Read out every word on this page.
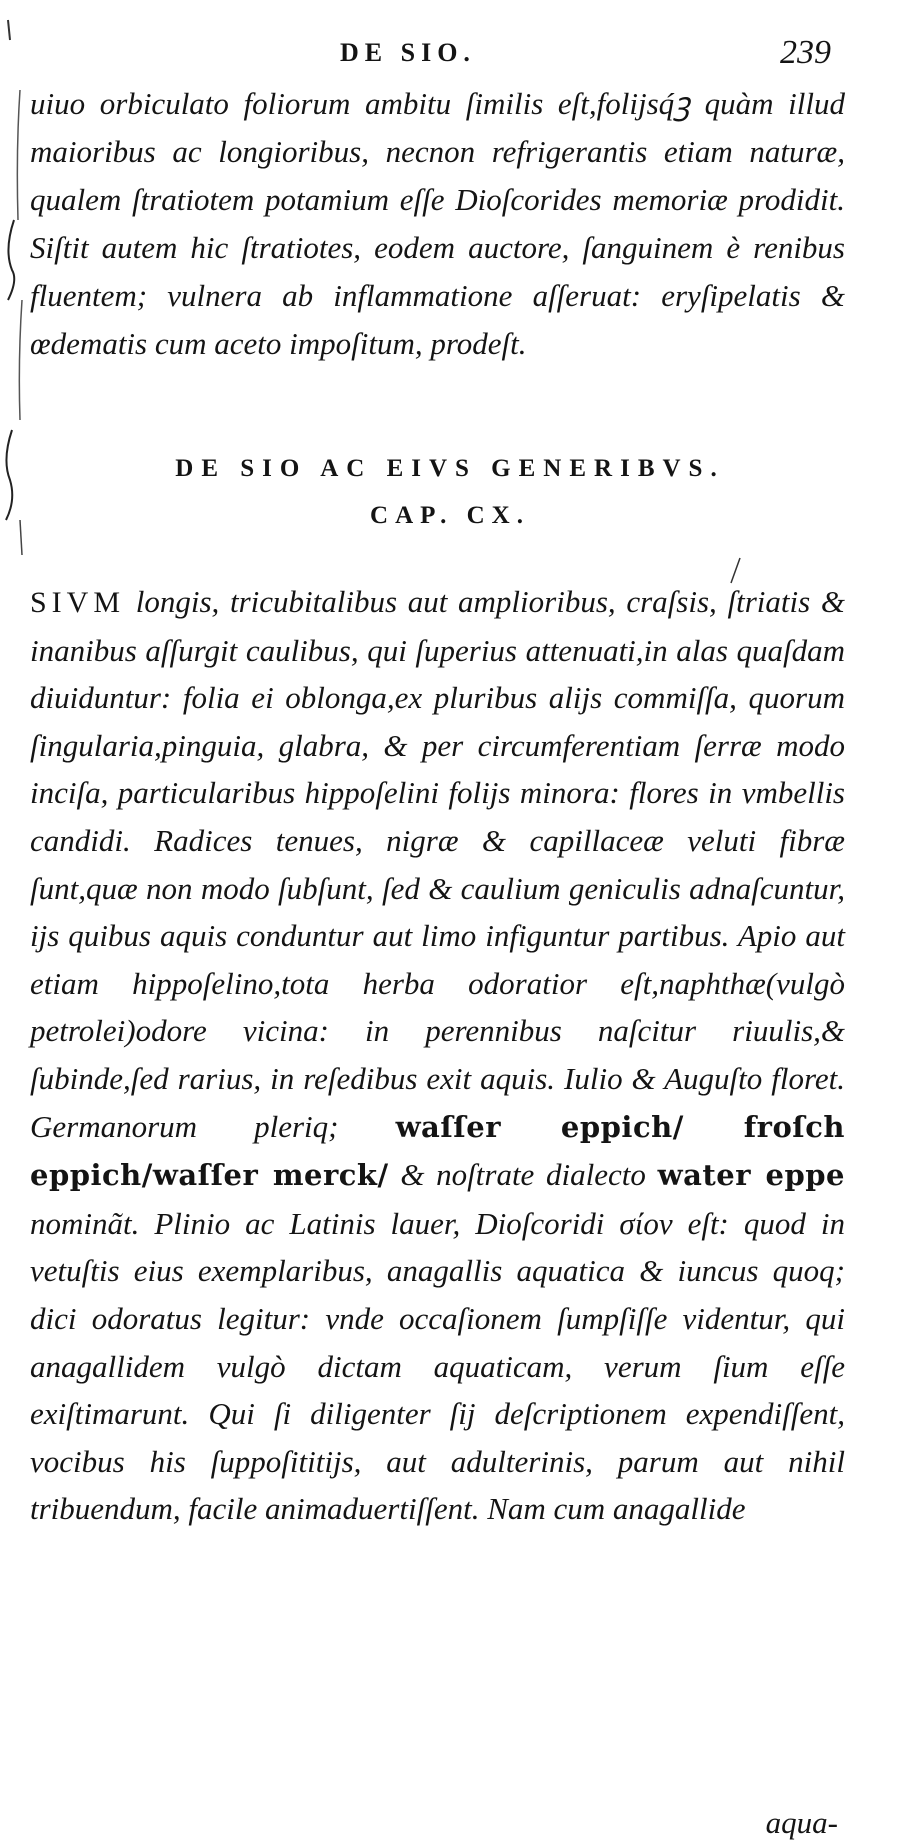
DE SIO.	239
uiuo orbiculato foliorum ambitu ſimilis eſt,folijsq́ꝫ quàm illud maioribus ac longioribus, necnon refrigerantis etiam naturæ, qualem ſtratiotem potamium eſſe Dioſcorides memoriæ prodidit. Siſtit autem hic ſtratiotes, eodem auctore, ſanguinem è renibus fluentem; vulnera ab inflammatione aſſeruat: eryſipelatis & œdematis cum aceto impoſitum, prodeſt.
DE SIO AC EIVS GENERIBVS.
CAP. CX.
SIVM longis, tricubitalibus aut amplioribus, craſsis, ſtriatis & inanibus aſſurgit caulibus, qui ſuperius attenuati,in alas quaſdam diuiduntur: folia ei oblonga,ex pluribus alijs commiſſa, quorum ſingularia,pinguia, glabra, & per circumferentiam ſerræ modo inciſa, particularibus hippoſelini folijs minora: flores in vmbellis candidi. Radices tenues, nigræ & capillaceæ veluti fibræ ſunt,quæ non modo ſubſunt, ſed & caulium geniculis adnaſcuntur, ijs quibus aquis conduntur aut limo infiguntur partibus. Apio aut etiam hippoſelino,tota herba odoratior eſt,naphthæ(vulgò petrolei)odore vicina: in perennibus naſcitur riuulis,& ſubinde,ſed rarius, in reſedibus exit aquis. Iulio & Auguſto floret. Germanorum pleriq; waſſer eppich/ froſch eppich/waſſer merck/ & noſtrate dialecto water eppe nominãt. Plinio ac Latinis lauer, Dioſcoridi σίον eſt: quod in vetuſtis eius exemplaribus, anagallis aquatica & iuncus quoq; dici odoratus legitur: vnde occaſionem ſumpſiſſe videntur, qui anagallidem vulgò dictam aquaticam, verum ſium eſſe exiſtimarunt. Qui ſi diligenter ſij deſcriptionem expendiſſent, vocibus his ſuppoſititijs, aut adulterinis, parum aut nihil tribuendum, facile animaduertiſſent. Nam cum anagallide
aqua-
